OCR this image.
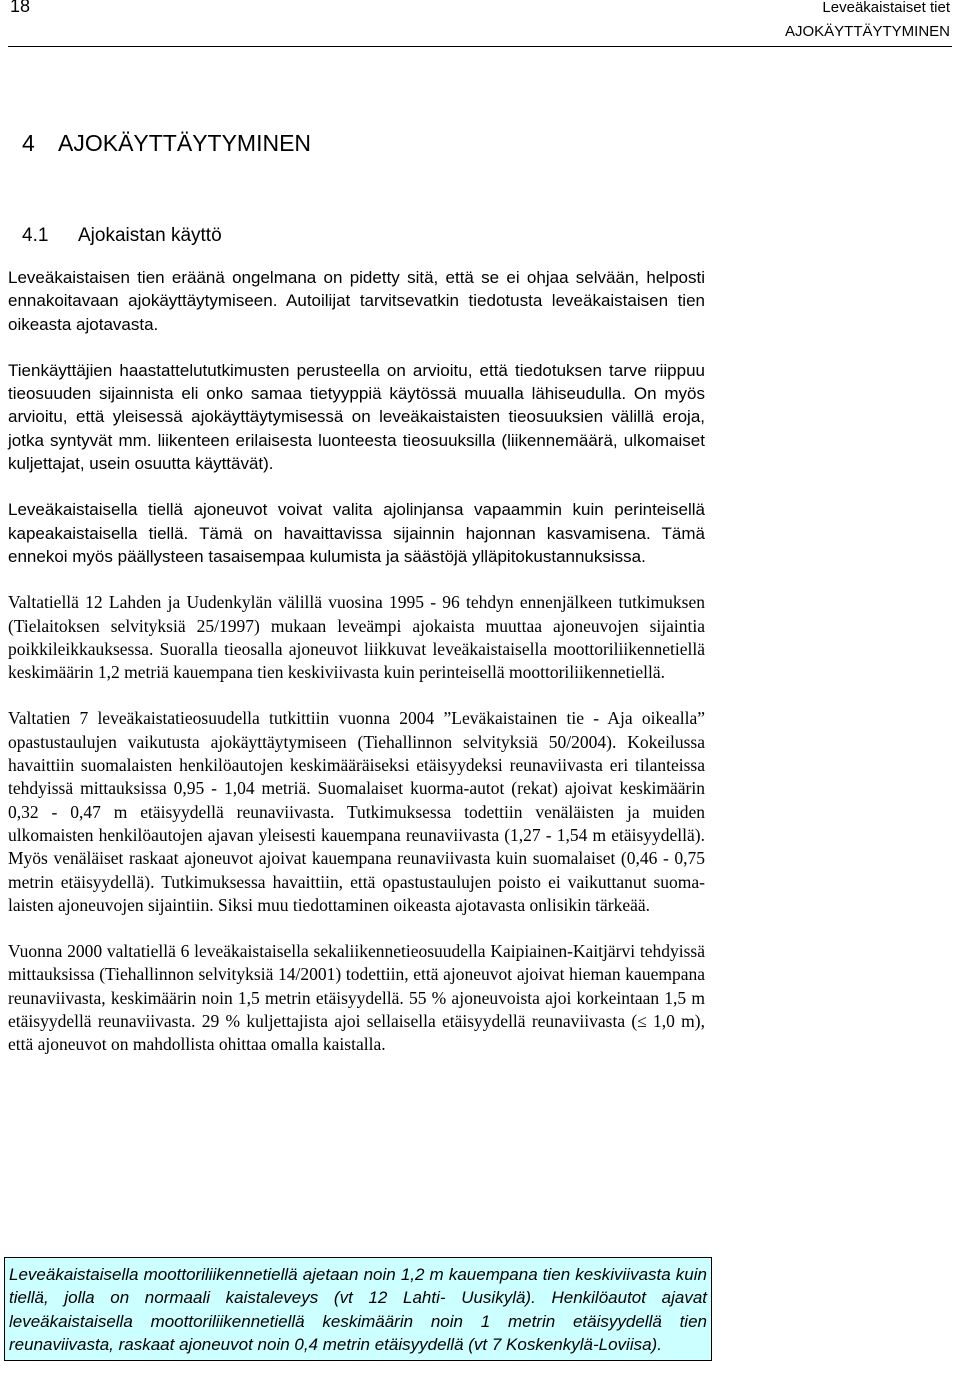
18	Leveäkaistaiset tiet
AJOKÄYTTÄYTYMINEN
4 AJOKÄYTTÄYTYMINEN
4.1 Ajokaistan käyttö

Leveäkaistaisen tien eräänä ongelmana on pidetty sitä, että se ei ohjaa selvään, helposti ennakoitavaan ajokäyttäytymiseen. Autoilijat tarvitsevatkin tiedotusta leveäkaistaisen tien oikeasta ajotavasta.

Tienkäyttäjien haastattelututkimusten perusteella on arvioitu, että tiedotuksen tarve riippuu tieosuuden sijainnista eli onko samaa tietyyppiä käytössä muualla lähiseudulla. On myös arvioitu, että yleisessä ajokäyttäytymisessä on leveäkaistaisten tieosuuksien välillä eroja, jotka syntyvät mm. liikenteen erilaisesta luonteesta tieosuuksilla (liikennemäärä, ulkomaiset kuljettajat, usein osuutta käyttävät).

Leveäkaistaisella tiellä ajoneuvot voivat valita ajolinjansa vapaammin kuin perinteisellä kapeakaistaisella tiellä. Tämä on havaittavissa sijainnin hajonnan kasvamisena. Tämä ennekoi myös päällysteen tasaisempaa kulumista ja säästöjä ylläpitokustannuksissa.

Valtatiellä 12 Lahden ja Uudenkylän välillä vuosina 1995 - 96 tehdyn ennenjälkeen tutkimuksen (Tielaitoksen selvityksiä 25/1997) mukaan leveämpi ajokaista muuttaa ajoneuvojen sijaintia poikkileikkauksessa. Suoralla tieosalla ajoneuvot liikkuvat leveäkaistaisella moottoriliikennetiellä keskimäärin 1,2 metriä kauempana tien keskiviivasta kuin perinteisellä moottoriliikennetiellä.

Valtatien 7 leveäkaistatieosuudella tutkittiin vuonna 2004 ”Leväkaistainen tie - Aja oikealla” opastustaulujen vaikutusta ajokäyttäytymiseen (Tiehallinnon selvityksiä 50/2004). Kokeilussa havaittiin suomalaisten henkilöautojen keskimääräiseksi etäisyydeksi reunaviivasta eri tilanteissa tehdyissä mittauksissa 0,95 - 1,04 metriä. Suomalaiset kuorma-autot (rekat) ajoivat keskimäärin 0,32 - 0,47 m etäisyydellä reunaviivasta. Tutkimuksessa todettiin venäläisten ja muiden ulkomaisten henkilöautojen ajavan yleisesti kauempana reunaviivasta (1,27 - 1,54 m etäisyydellä). Myös venäläiset raskaat ajoneuvot ajoivat kauempana reunaviivasta kuin suomalaiset (0,46 - 0,75 metrin etäisyydellä). Tutkimuksessa havaittiin, että opastustaulujen poisto ei vaikuttanut suomalaisten ajoneuvojen sijaintiin. Siksi muu tiedottaminen oikeasta ajotavasta onlisikin tärkeää.

Vuonna 2000 valtatiellä 6 leveäkaistaisella sekaliikennetieosuudella Kaipiainen-Kaitjärvi tehdyissä mittauksissa (Tiehallinnon selvityksiä 14/2001) todettiin, että ajoneuvot ajoivat hieman kauempana reunaviivasta, keskimäärin noin 1,5 metrin etäisyydellä. 55 % ajoneuvoista ajoi korkeintaan 1,5 m etäisyydellä reunaviivasta. 29 % kuljettajista ajoi sellaisella etäisyydellä reunaviivasta (≤ 1,0 m), että ajoneuvot on mahdollista ohittaa omalla kaistalla.

Leveäkaistaisella moottoriliikennetiellä ajetaan noin 1,2 m kauempana tien keskiviivasta kuin tiellä, jolla on normaali kaistaleveys (vt 12 Lahti- Uusikylä). Henkilöautot ajavat leveäkaistaisella moottoriliikennetiellä keskimäärin noin 1 metrin etäisyydellä tien reunaviivasta, raskaat ajoneuvot noin 0,4 metrin etäisyydellä (vt 7 Koskenkylä-Loviisa).
